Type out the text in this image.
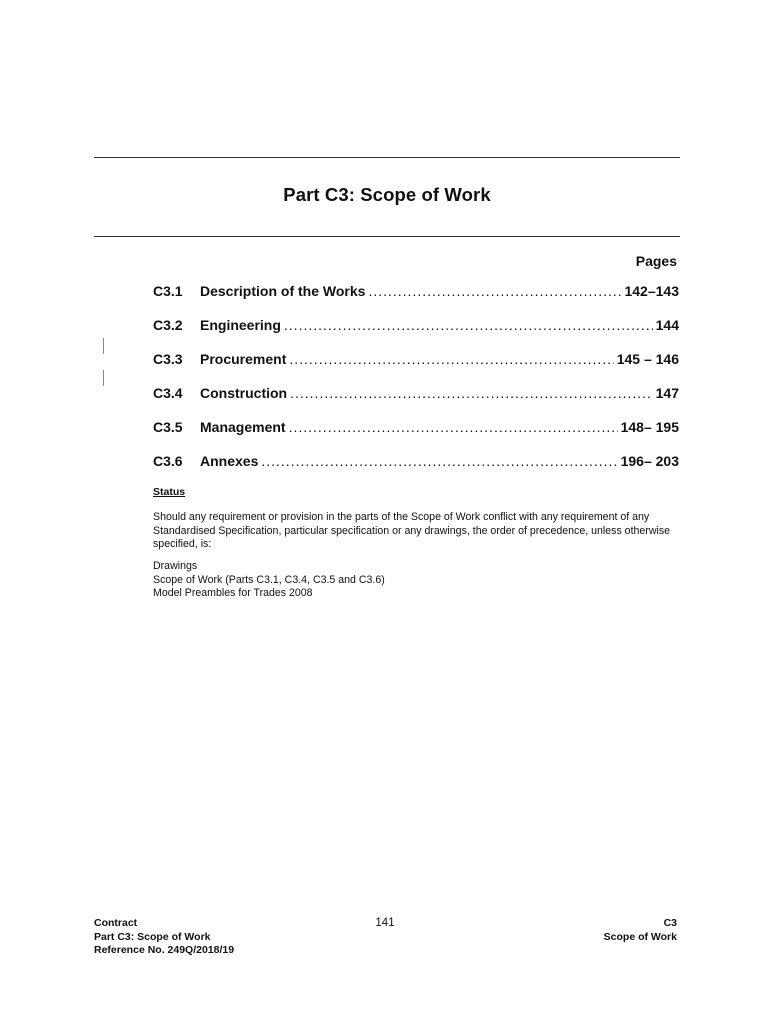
Part C3: Scope of Work
Pages
C3.1	Description of the Works .....	142–143
C3.2	Engineering .....	144
C3.3	Procurement .....	145 – 146
C3.4	Construction .....	147
C3.5	Management .....	148– 195
C3.6	Annexes .....	196– 203
Status
Should any requirement or provision in the parts of the Scope of Work conflict with any requirement of any Standardised Specification, particular specification or any drawings, the order of precedence, unless otherwise specified, is:
Drawings
Scope of Work (Parts C3.1, C3.4, C3.5 and C3.6)
Model Preambles for Trades 2008
Contract
Part C3: Scope of Work
Reference No. 249Q/2018/19
141	C3
Scope of Work
